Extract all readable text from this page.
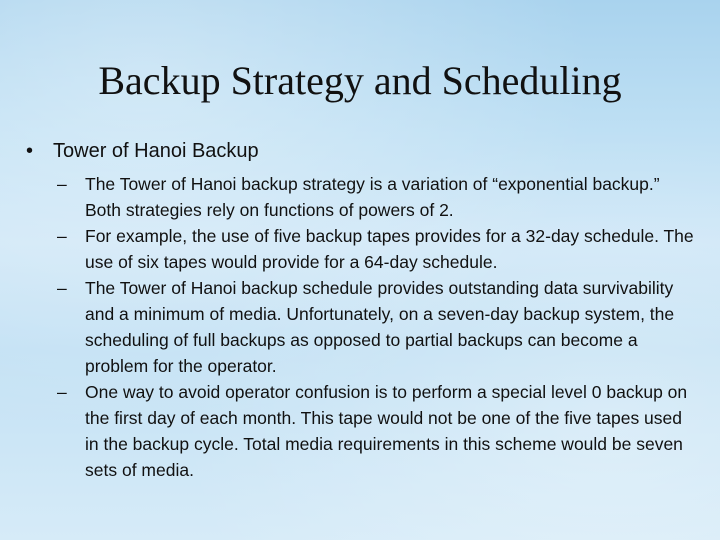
Backup Strategy and Scheduling
• Tower of Hanoi Backup

– The Tower of Hanoi backup strategy is a variation of “exponential backup.” Both strategies rely on functions of powers of 2.

– For example, the use of five backup tapes provides for a 32-day schedule. The use of six tapes would provide for a 64-day schedule.

– The Tower of Hanoi backup schedule provides outstanding data survivability and a minimum of media. Unfortunately, on a seven-day backup system, the scheduling of full backups as opposed to partial backups can become a problem for the operator.

– One way to avoid operator confusion is to perform a special level 0 backup on the first day of each month. This tape would not be one of the five tapes used in the backup cycle. Total media requirements in this scheme would be seven sets of media.
